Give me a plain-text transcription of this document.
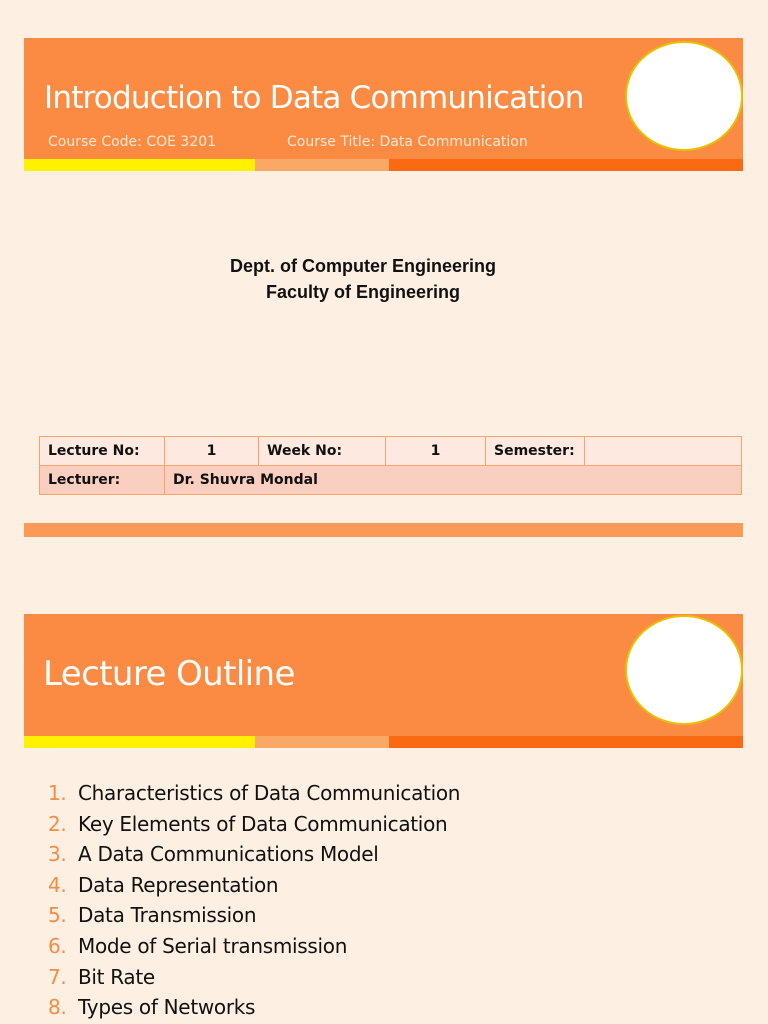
Introduction to Data Communication
Course Code: COE 3201	Course Title: Data Communication
Dept. of Computer Engineering
Faculty of Engineering
Lecture No:	1	Week No:	1	Semester:	
Lecturer:	Dr. Shuvra Mondal				
Lecture Outline
1. Characteristics of Data Communication
2. Key Elements of Data Communication
3. A Data Communications Model
4. Data Representation
5. Data Transmission
6. Mode of Serial transmission
7. Bit Rate
8. Types of Networks
